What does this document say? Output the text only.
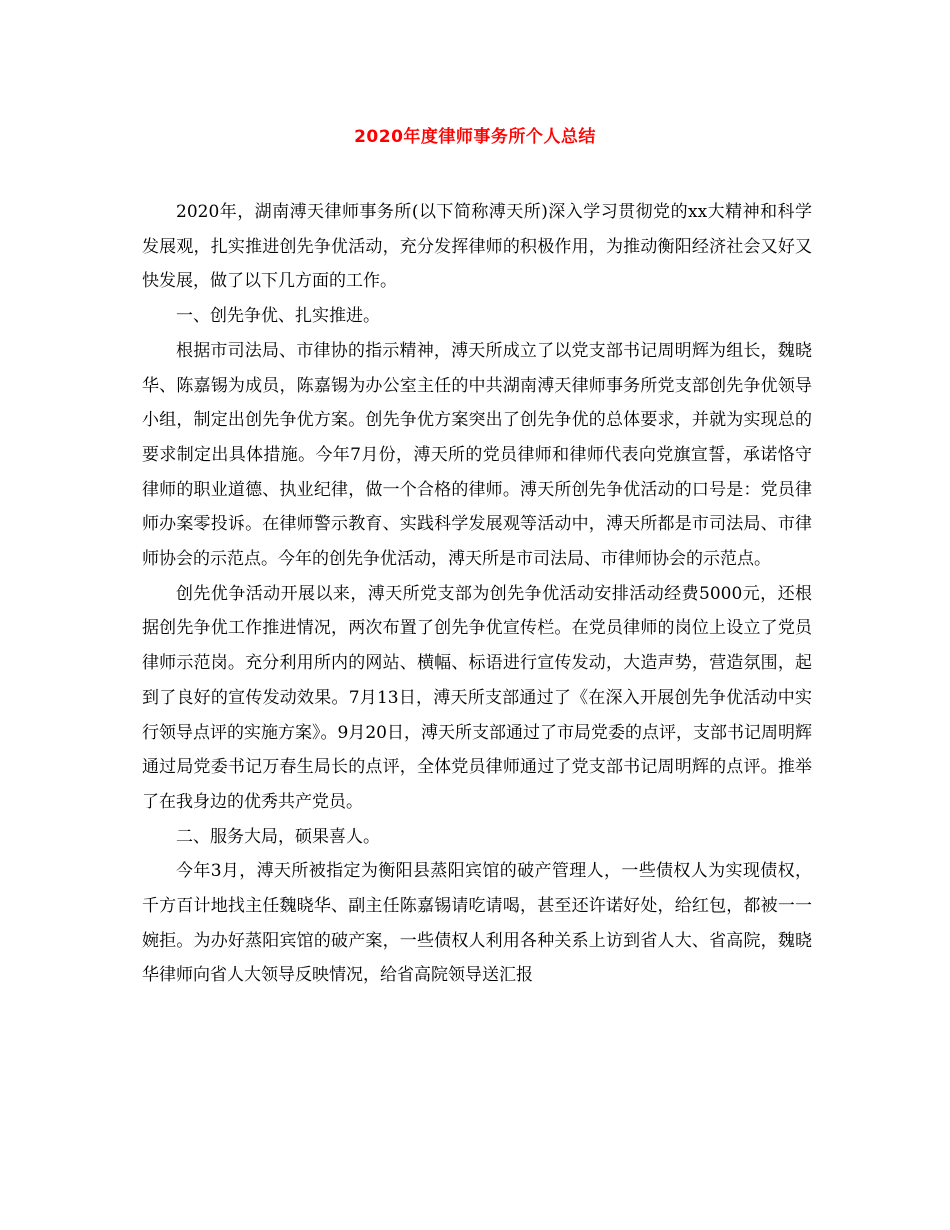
2020年度律师事务所个人总结

2020年，湖南溥天律师事务所(以下简称溥天所)深入学习贯彻党的xx大精神和科学发展观，扎实推进创先争优活动，充分发挥律师的积极作用，为推动衡阳经济社会又好又快发展，做了以下几方面的工作。

一、创先争优、扎实推进。

根据市司法局、市律协的指示精神，溥天所成立了以党支部书记周明辉为组长，魏晓华、陈嘉锡为成员，陈嘉锡为办公室主任的中共湖南溥天律师事务所党支部创先争优领导小组，制定出创先争优方案。创先争优方案突出了创先争优的总体要求，并就为实现总的要求制定出具体措施。今年7月份，溥天所的党员律师和律师代表向党旗宣誓，承诺恪守律师的职业道德、执业纪律，做一个合格的律师。溥天所创先争优活动的口号是：党员律师办案零投诉。在律师警示教育、实践科学发展观等活动中，溥天所都是市司法局、市律师协会的示范点。今年的创先争优活动，溥天所是市司法局、市律师协会的示范点。

创先优争活动开展以来，溥天所党支部为创先争优活动安排活动经费5000元，还根据创先争优工作推进情况，两次布置了创先争优宣传栏。在党员律师的岗位上设立了党员律师示范岗。充分利用所内的网站、横幅、标语进行宣传发动，大造声势，营造氛围，起到了良好的宣传发动效果。7月13日，溥天所支部通过了《在深入开展创先争优活动中实行领导点评的实施方案》。9月20日，溥天所支部通过了市局党委的点评，支部书记周明辉通过局党委书记万春生局长的点评，全体党员律师通过了党支部书记周明辉的点评。推举了在我身边的优秀共产党员。

二、服务大局，硕果喜人。

今年3月，溥天所被指定为衡阳县蒸阳宾馆的破产管理人，一些债权人为实现债权，千方百计地找主任魏晓华、副主任陈嘉锡请吃请喝，甚至还许诺好处，给红包，都被一一婉拒。为办好蒸阳宾馆的破产案，一些债权人利用各种关系上访到省人大、省高院，魏晓华律师向省人大领导反映情况，给省高院领导送汇报
